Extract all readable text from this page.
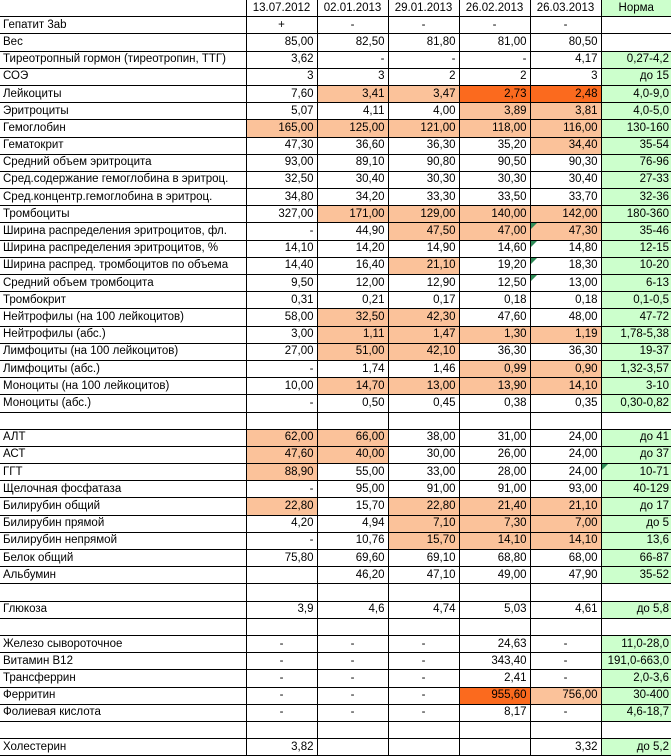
	13.07.2012	02.01.2013	29.01.2013	26.02.2013	26.03.2013	Норма
Гепатит 3ab	+	-	-	-	-	
Вес	85,00	82,50	81,80	81,00	80,50	
Тиреотропный гормон (тиреотропин, ТТГ)	3,62	-	-	-	4,17	0,27-4,2
СОЭ	3	3	2	2	3	до 15
Лейкоциты	7,60	3,41	3,47	2,73	2,48	4,0-9,0
Эритроциты	5,07	4,11	4,00	3,89	3,81	4,0-5,0
Гемоглобин	165,00	125,00	121,00	118,00	116,00	130-160
Гематокрит	47,30	36,60	36,30	35,20	34,40	35-54
Средний объем эритроцита	93,00	89,10	90,80	90,50	90,30	76-96
Сред.содержание гемоглобина в эритроц.	32,50	30,40	30,30	30,30	30,40	27-33
Сред.концентр.гемоглобина в эритроц.	34,80	34,20	33,30	33,50	33,70	32-36
Тромбоциты	327,00	171,00	129,00	140,00	142,00	180-360
Ширина распределения эритроцитов, фл.	-	44,90	47,50	47,00	47,30	35-46
Ширина распределения эритроцитов, %	14,10	14,20	14,90	14,60	14,80	12-15
Ширина распред. тромбоцитов по объема	14,40	16,40	21,10	19,20	18,30	10-20
Средний объем тромбоцита	9,50	12,00	12,90	12,50	13,00	6-13
Тромбокрит	0,31	0,21	0,17	0,18	0,18	0,1-0,5
Нейтрофилы (на 100 лейкоцитов)	58,00	32,50	42,30	47,60	48,00	47-72
Нейтрофилы (абс.)	3,00	1,11	1,47	1,30	1,19	1,78-5,38
Лимфоциты (на 100 лейкоцитов)	27,00	51,00	42,10	36,30	36,30	19-37
Лимфоциты (абс.)	-	1,74	1,46	0,99	0,90	1,32-3,57
Моноциты (на 100 лейкоцитов)	10,00	14,70	13,00	13,90	14,10	3-10
Моноциты (абс.)	-	0,50	0,45	0,38	0,35	0,30-0,82

АЛТ	62,00	66,00	38,00	31,00	24,00	до 41
АСТ	47,60	40,00	30,00	26,00	24,00	до 37
ГГТ	88,90	55,00	33,00	28,00	24,00	10-71
Щелочная фосфатаза	-	95,00	91,00	91,00	93,00	40-129
Билирубин общий	22,80	15,70	22,80	21,40	21,10	до 17
Билирубин прямой	4,20	4,94	7,10	7,30	7,00	до 5
Билирубин непрямой	-	10,76	15,70	14,10	14,10	13,6
Белок общий	75,80	69,60	69,10	68,80	68,00	66-87
Альбумин		46,20	47,10	49,00	47,90	35-52

Глюкоза	3,9	4,6	4,74	5,03	4,61	до 5,8

Железо сывороточное	-	-	-	24,63	-	11,0-28,0
Витамин В12	-	-	-	343,40	-	191,0-663,0
Трансферрин	-	-	-	2,41	-	2,0-3,6
Ферритин	-	-	-	955,60	756,00	30-400
Фолиевая кислота	-	-	-	8,17	-	4,6-18,7

Холестерин	3,82				3,32	до 5,2
